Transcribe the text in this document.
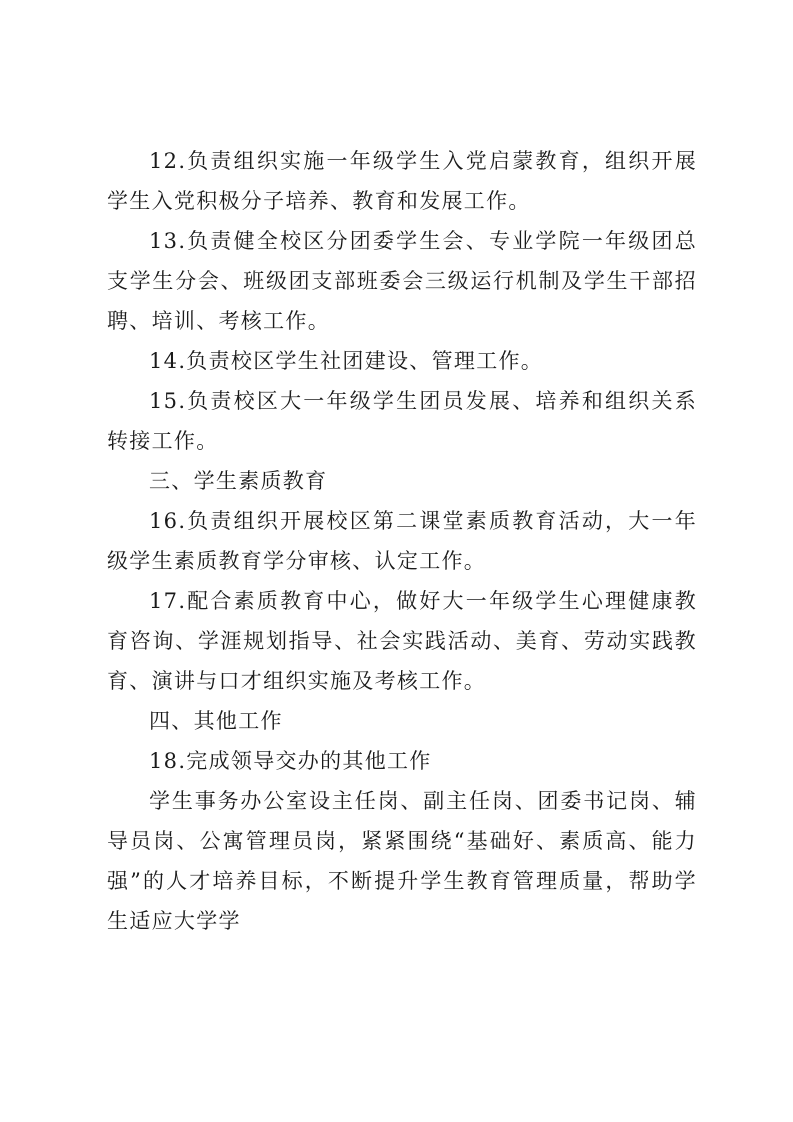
12.负责组织实施一年级学生入党启蒙教育，组织开展学生入党积极分子培养、教育和发展工作。

13.负责健全校区分团委学生会、专业学院一年级团总支学生分会、班级团支部班委会三级运行机制及学生干部招聘、培训、考核工作。

14.负责校区学生社团建设、管理工作。

15.负责校区大一年级学生团员发展、培养和组织关系转接工作。

三、学生素质教育

16.负责组织开展校区第二课堂素质教育活动，大一年级学生素质教育学分审核、认定工作。

17.配合素质教育中心，做好大一年级学生心理健康教育咨询、学涯规划指导、社会实践活动、美育、劳动实践教育、演讲与口才组织实施及考核工作。

四、其他工作

18.完成领导交办的其他工作

学生事务办公室设主任岗、副主任岗、团委书记岗、辅导员岗、公寓管理员岗，紧紧围绕“基础好、素质高、能力强”的人才培养目标，不断提升学生教育管理质量，帮助学生适应大学学
